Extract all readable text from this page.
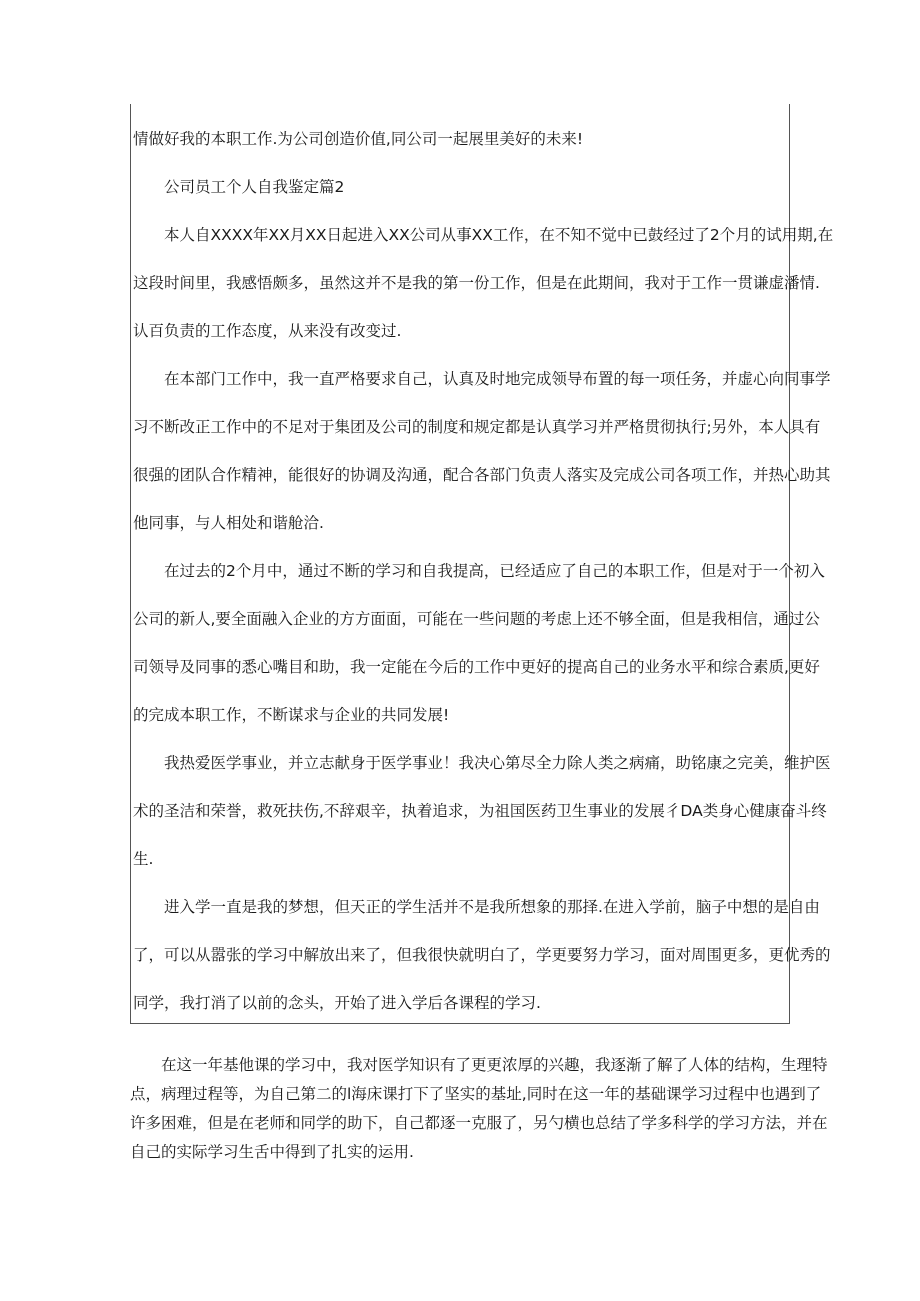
情做好我的本职工作.为公司创造价值,同公司一起展里美好的未来!
公司员工个人自我鉴定篇2
本人自XXXX年XX月XX日起进入XX公司从事XX工作，在不知不觉中已鼓经过了2个月的试用期,在
这段时间里，我感悟颇多，虽然这并不是我的第一份工作，但是在此期间，我对于工作一贯谦虚潘情.
认百负责的工作态度，从来没有改变过.
在本部门工作中，我一直严格要求自己，认真及时地完成领导布置的每一项任务，并虚心向同事学
习不断改正工作中的不足对于集团及公司的制度和规定都是认真学习并严格贯彻执行;另外，本人具有
很强的团队合作精神，能很好的协调及沟通，配合各部门负责人落实及完成公司各项工作，并热心助其
他同事，与人相处和谐舱洽.
在过去的2个月中，通过不断的学习和自我提高，已经适应了自己的本职工作，但是对于一个初入
公司的新人,要全面融入企业的方方面面，可能在一些问题的考虑上还不够全面，但是我相信，通过公
司领导及同事的悉心嘴目和助，我一定能在今后的工作中更好的提高自己的业务水平和综合素质,更好
的完成本职工作，不断谋求与企业的共同发展!
我热爱医学事业，并立志献身于医学事业！我决心第尽全力除人类之病痛，助铭康之完美，维护医
术的圣洁和荣誉，救死扶伤,不辞艰辛，执着追求，为祖国医药卫生事业的发展彳DA类身心健康奋斗终
生.
进入学一直是我的梦想，但天正的学生活并不是我所想象的那择.在进入学前，脑子中想的是自由
了，可以从嚣张的学习中解放出来了，但我很快就明白了，学更要努力学习，面对周围更多，更优秀的
同学，我打消了以前的念头，开始了进入学后各课程的学习.
在这一年基他课的学习中，我对医学知识有了更更浓厚的兴趣，我逐渐了解了人体的结构，生理特
点，病理过程等，为自己第二的l海床课打下了坚实的基址,同时在这一年的基础课学习过程中也遇到了
许多困难，但是在老师和同学的助下，自己都逐一克服了，另勺横也总结了学多科学的学习方法，并在
自己的实际学习生舌中得到了扎实的运用.
